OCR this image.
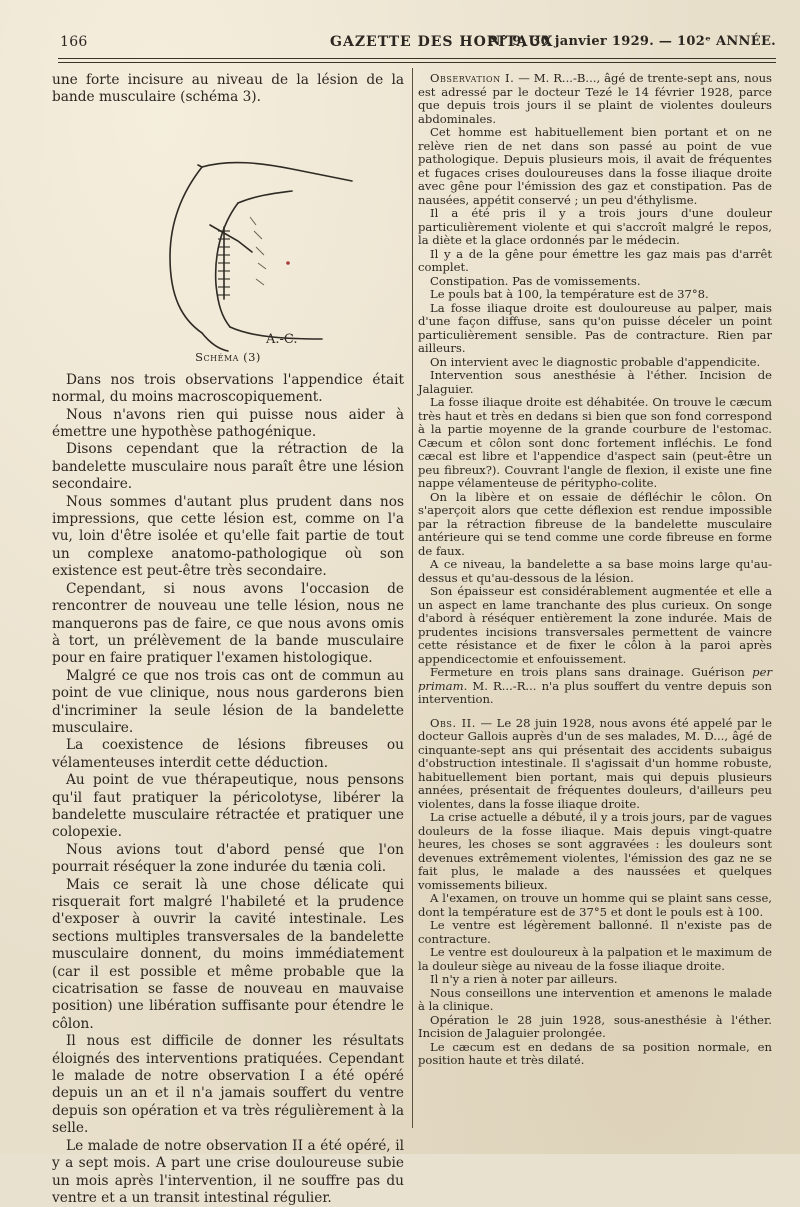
166	GAZETTE DES HOPITAUX
N° 9, 30 janvier 1929. — 102ᵉ ANNÉE.

une forte incisure au niveau de la lésion de la bande musculaire (schéma 3).

A.-C.
Schéma (3)

Dans nos trois observations l'appendice était normal, du moins macroscopiquement.

Nous n'avons rien qui puisse nous aider à émettre une hypothèse pathogénique.

Disons cependant que la rétraction de la bandelette musculaire nous paraît être une lésion secondaire.

Nous sommes d'autant plus prudent dans nos impressions, que cette lésion est, comme on l'a vu, loin d'être isolée et qu'elle fait partie de tout un complexe anatomo-pathologique où son existence est peut-être très secondaire.

Cependant, si nous avons l'occasion de rencontrer de nouveau une telle lésion, nous ne manquerons pas de faire, ce que nous avons omis à tort, un prélèvement de la bande musculaire pour en faire pratiquer l'examen histologique.

Malgré ce que nos trois cas ont de commun au point de vue clinique, nous nous garderons bien d'incriminer la seule lésion de la bandelette musculaire.

La coexistence de lésions fibreuses ou vélamenteuses interdit cette déduction.

Au point de vue thérapeutique, nous pensons qu'il faut pratiquer la péricolotyse, libérer la bandelette musculaire rétractée et pratiquer une colopexie.

Nous avions tout d'abord pensé que l'on pourrait réséquer la zone indurée du tænia coli.

Mais ce serait là une chose délicate qui risquerait fort malgré l'habileté et la prudence d'exposer à ouvrir la cavité intestinale. Les sections multiples transversales de la bandelette musculaire donnent, du moins immédiatement (car il est possible et même probable que la cicatrisation se fasse de nouveau en mauvaise position) une libération suffisante pour étendre le côlon.

Il nous est difficile de donner les résultats éloignés des interventions pratiquées. Cependant le malade de notre observation I a été opéré depuis un an et il n'a jamais souffert du ventre depuis son opération et va très régulièrement à la selle.

Le malade de notre observation II a été opéré, il y a sept mois. A part une crise douloureuse subie un mois après l'intervention, il ne souffre pas du ventre et a un transit intestinal régulier.

Observation I. — M. R...-B..., âgé de trente-sept ans, nous est adressé par le docteur Tezé le 14 février 1928, parce que depuis trois jours il se plaint de violentes douleurs abdominales.

Cet homme est habituellement bien portant et on ne relève rien de net dans son passé au point de vue pathologique. Depuis plusieurs mois, il avait de fréquentes et fugaces crises douloureuses dans la fosse iliaque droite avec gêne pour l'émission des gaz et constipation. Pas de nausées, appétit conservé ; un peu d'éthylisme.

Il a été pris il y a trois jours d'une douleur particulièrement violente et qui s'accroît malgré le repos, la diète et la glace ordonnés par le médecin.

Il y a de la gêne pour émettre les gaz mais pas d'arrêt complet.

Constipation. Pas de vomissements.

Le pouls bat à 100, la température est de 37°8.

La fosse iliaque droite est douloureuse au palper, mais d'une façon diffuse, sans qu'on puisse déceler un point particulièrement sensible. Pas de contracture. Rien par ailleurs.

On intervient avec le diagnostic probable d'appendicite.

Intervention sous anesthésie à l'éther. Incision de Jalaguier.

La fosse iliaque droite est déhabitée. On trouve le cæcum très haut et très en dedans si bien que son fond correspond à la partie moyenne de la grande courbure de l'estomac. Cæcum et côlon sont donc fortement infléchis. Le fond cæcal est libre et l'appendice d'aspect sain (peut-être un peu fibreux?). Couvrant l'angle de flexion, il existe une fine nappe vélamenteuse de péritypho-colite.

On la libère et on essaie de défléchir le côlon. On s'aperçoit alors que cette déflexion est rendue impossible par la rétraction fibreuse de la bandelette musculaire antérieure qui se tend comme une corde fibreuse en forme de faux.

A ce niveau, la bandelette a sa base moins large qu'au-dessus et qu'au-dessous de la lésion.

Son épaisseur est considérablement augmentée et elle a un aspect en lame tranchante des plus curieux. On songe d'abord à réséquer entièrement la zone indurée. Mais de prudentes incisions transversales permettent de vaincre cette résistance et de fixer le côlon à la paroi après appendicectomie et enfouissement.

Fermeture en trois plans sans drainage. Guérison per primam. M. R...-R... n'a plus souffert du ventre depuis son intervention.

Obs. II. — Le 28 juin 1928, nous avons été appelé par le docteur Gallois auprès d'un de ses malades, M. D..., âgé de cinquante-sept ans qui présentait des accidents subaigus d'obstruction intestinale. Il s'agissait d'un homme robuste, habituellement bien portant, mais qui depuis plusieurs années, présentait de fréquentes douleurs, d'ailleurs peu violentes, dans la fosse iliaque droite.

La crise actuelle a débuté, il y a trois jours, par de vagues douleurs de la fosse iliaque. Mais depuis vingt-quatre heures, les choses se sont aggravées : les douleurs sont devenues extrêmement violentes, l'émission des gaz ne se fait plus, le malade a des naussées et quelques vomissements bilieux.

A l'examen, on trouve un homme qui se plaint sans cesse, dont la température est de 37°5 et dont le pouls est à 100.

Le ventre est légèrement ballonné. Il n'existe pas de contracture.

Le ventre est douloureux à la palpation et le maximum de la douleur siège au niveau de la fosse iliaque droite.

Il n'y a rien à noter par ailleurs.

Nous conseillons une intervention et amenons le malade à la clinique.

Opération le 28 juin 1928, sous-anesthésie à l'éther. Incision de Jalaguier prolongée.

Le cæcum est en dedans de sa position normale, en position haute et très dilaté.
